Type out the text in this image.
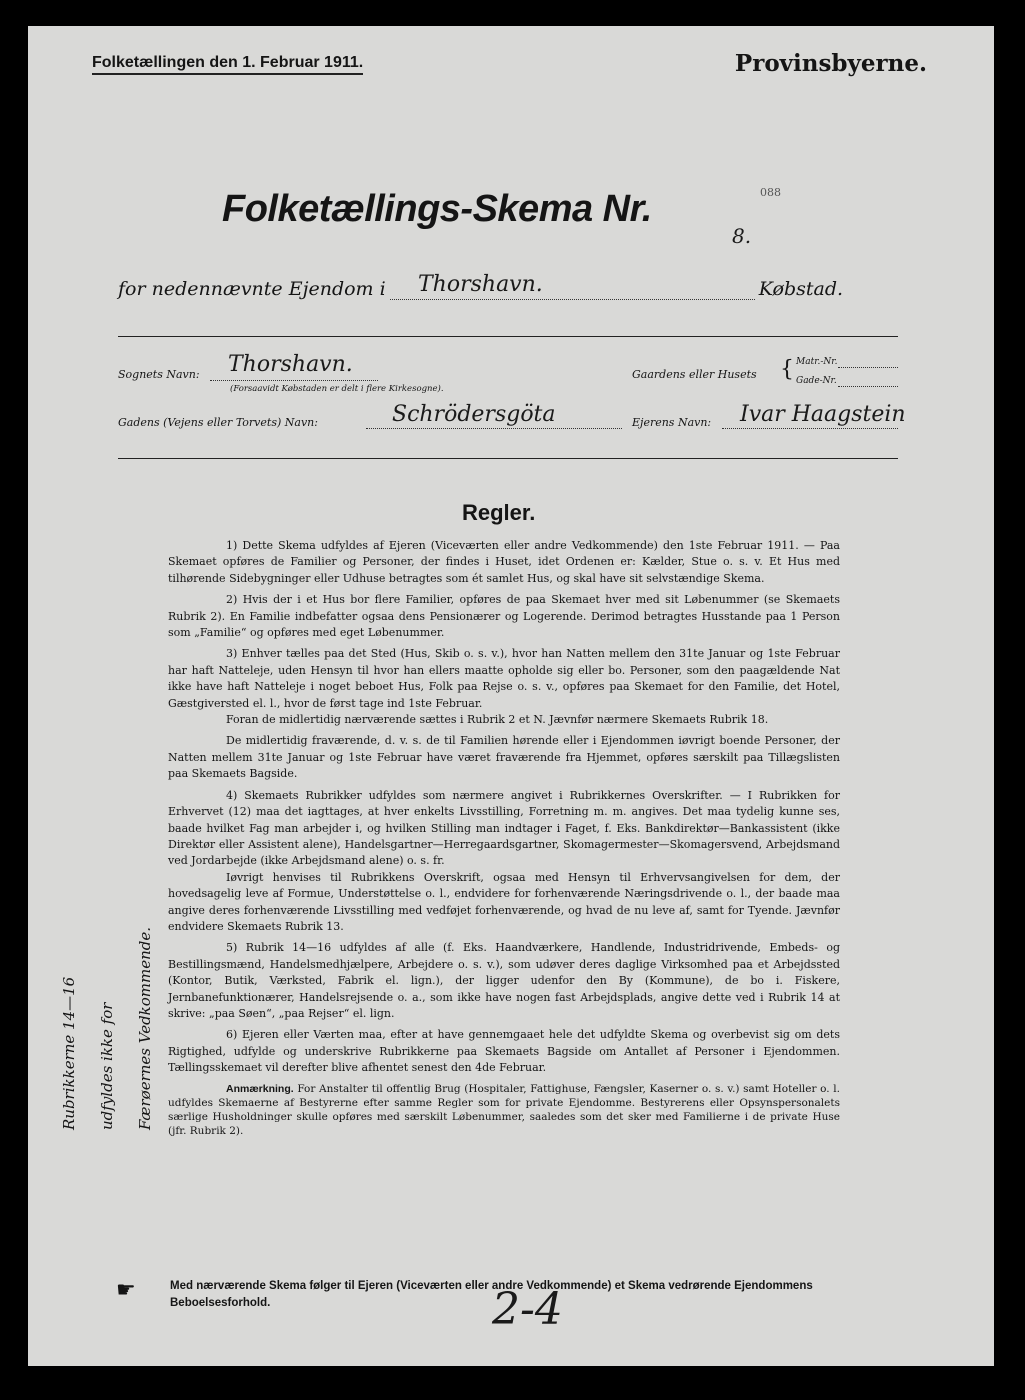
Folketællingen den 1. Februar 1911.	Provinsbyerne.
088
Folketællings-Skema Nr.
8.
for nedennævnte Ejendom i	Købstad.
Thorshavn.
Sognets Navn: Thorshavn.
(Forsaavidt Købstaden er delt i flere Kirkesogne).
Gaardens eller Husets { Matr.-Nr.
Gade-Nr.
Gadens (Vejens eller Torvets) Navn:	Schrödersgöta	Ejerens Navn: Ivar Haagstein
Regler.

1) Dette Skema udfyldes af Ejeren (Viceværten eller andre Vedkommende) den 1ste Februar 1911. — Paa Skemaet opføres de Familier og Personer, der findes i Huset, idet Ordenen er: Kælder, Stue o. s. v. Et Hus med tilhørende Sidebygninger eller Udhuse betragtes som ét samlet Hus, og skal have sit selvstændige Skema.

2) Hvis der i et Hus bor flere Familier, opføres de paa Skemaet hver med sit Løbenummer (se Skemaets Rubrik 2). En Familie indbefatter ogsaa dens Pensionærer og Logerende. Derimod betragtes Husstande paa 1 Person som „Familie“ og opføres med eget Løbenummer.

3) Enhver tælles paa det Sted (Hus, Skib o. s. v.), hvor han Natten mellem den 31te Januar og 1ste Februar har haft Natteleje, uden Hensyn til hvor han ellers maatte opholde sig eller bo. Personer, som den paagældende Nat ikke have haft Natteleje i noget beboet Hus, Folk paa Rejse o. s. v., opføres paa Skemaet for den Familie, det Hotel, Gæstgiversted el. l., hvor de først tage ind 1ste Februar.

Foran de midlertidig nærværende sættes i Rubrik 2 et N. Jævnfør nærmere Skemaets Rubrik 18.

De midlertidig fraværende, d. v. s. de til Familien hørende eller i Ejendommen iøvrigt boende Personer, der Natten mellem 31te Januar og 1ste Februar have været fraværende fra Hjemmet, opføres særskilt paa Tillægslisten paa Skemaets Bagside.

4) Skemaets Rubrikker udfyldes som nærmere angivet i Rubrikkernes Overskrifter. — I Rubrikken for Erhvervet (12) maa det iagttages, at hver enkelts Livsstilling, Forretning m. m. angives. Det maa tydelig kunne ses, baade hvilket Fag man arbejder i, og hvilken Stilling man indtager i Faget, f. Eks. Bankdirektør—Bankassistent (ikke Direktør eller Assistent alene), Handelsgartner—Herregaardsgartner, Skomagermester—Skomagersvend, Arbejdsmand ved Jordarbejde (ikke Arbejdsmand alene) o. s. fr.

Iøvrigt henvises til Rubrikkens Overskrift, ogsaa med Hensyn til Erhvervsangivelsen for dem, der hovedsagelig leve af Formue, Understøttelse o. l., endvidere for forhenværende Næringsdrivende o. l., der baade maa angive deres forhenværende Livsstilling med vedføjet forhenværende, og hvad de nu leve af, samt for Tyende. Jævnfør endvidere Skemaets Rubrik 13.

5) Rubrik 14—16 udfyldes af alle (f. Eks. Haandværkere, Handlende, Industridrivende, Embeds- og Bestillingsmænd, Handelsmedhjælpere, Arbejdere o. s. v.), som udøver deres daglige Virksomhed paa et Arbejdssted (Kontor, Butik, Værksted, Fabrik el. lign.), der ligger udenfor den By (Kommune), de bo i. Fiskere, Jernbanefunktionærer, Handelsrejsende o. a., som ikke have nogen fast Arbejdsplads, angive dette ved i Rubrik 14 at skrive: „paa Søen“, „paa Rejser“ el. lign.

6) Ejeren eller Værten maa, efter at have gennemgaaet hele det udfyldte Skema og overbevist sig om dets Rigtighed, udfylde og underskrive Rubrikkerne paa Skemaets Bagside om Antallet af Personer i Ejendommen. Tællingsskemaet vil derefter blive afhentet senest den 4de Februar.

Anmærkning. For Anstalter til offentlig Brug (Hospitaler, Fattighuse, Fængsler, Kaserner o. s. v.) samt Hoteller o. l. udfyldes Skemaerne af Bestyrerne efter samme Regler som for private Ejendomme. Bestyrerens eller Opsynspersonalets særlige Husholdninger skulle opføres med særskilt Løbenummer, saaledes som det sker med Familierne i de private Huse (jfr. Rubrik 2).

Rubrikkerne 14—16	udfyldes ikke for	Færøernes Vedkommende.
☛	Med nærværende Skema følger til Ejeren (Viceværten eller andre Vedkommende) et Skema vedrørende Ejendommens Beboelsesforhold.	2-4
